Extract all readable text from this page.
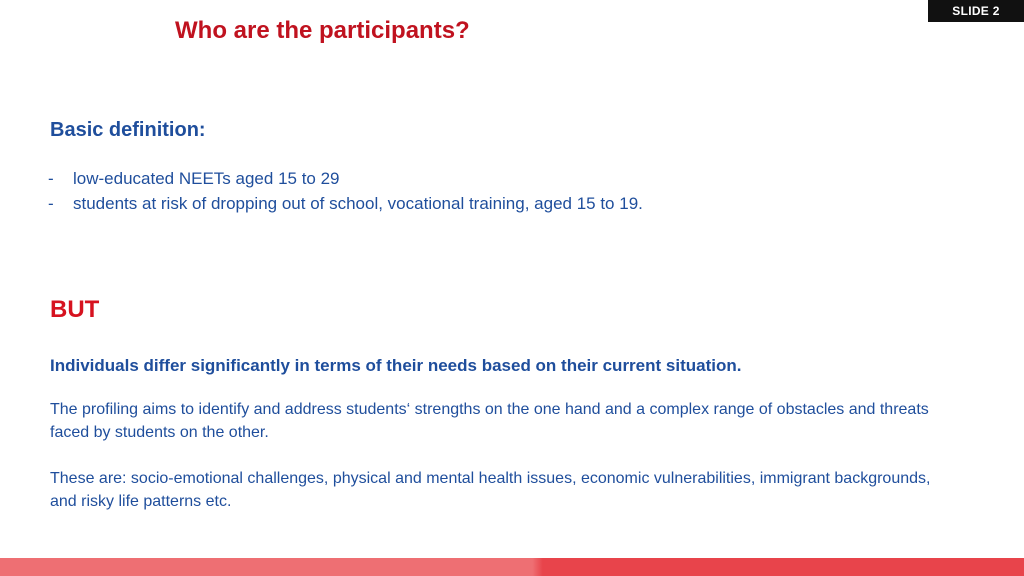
SLIDE 2
Who are the participants?
Basic definition:
-	low-educated NEETs aged 15 to 29
-	students at risk of dropping out of school, vocational training, aged 15 to 19.
BUT

Individuals differ significantly in terms of their needs based on their current situation.

The profiling aims to identify and address students‘ strengths on the one hand and a complex range of obstacles and threats faced by students on the other.

These are: socio-emotional challenges, physical and mental health issues, economic vulnerabilities, immigrant backgrounds, and risky life patterns etc.
